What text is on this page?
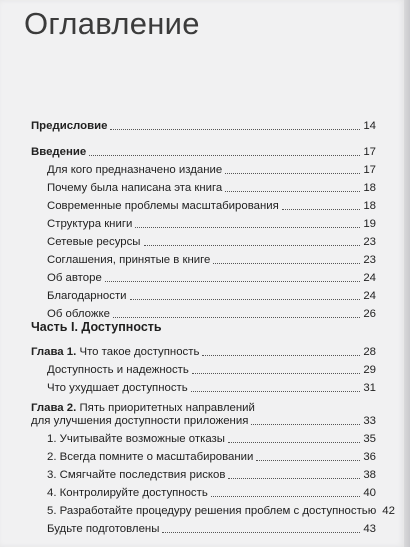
Оглавление
Предисловие	14
Введение	17
Для кого предназначено издание	17
Почему была написана эта книга	18
Современные проблемы масштабирования	18
Структура книги	19
Сетевые ресурсы	23
Соглашения, принятые в книге	23
Об авторе	24
Благодарности	24
Об обложке	26
Часть I. Доступность
Глава 1. Что такое доступность	28
Доступность и надежность	29
Что ухудшает доступность	31
Глава 2. Пять приоритетных направлений
для улучшения доступности приложения	33
1. Учитывайте возможные отказы	35
2. Всегда помните о масштабировании	36
3. Смягчайте последствия рисков	38
4. Контролируйте доступность	40
5. Разработайте процедуру решения проблем с доступностью 42
Будьте подготовлены	43
